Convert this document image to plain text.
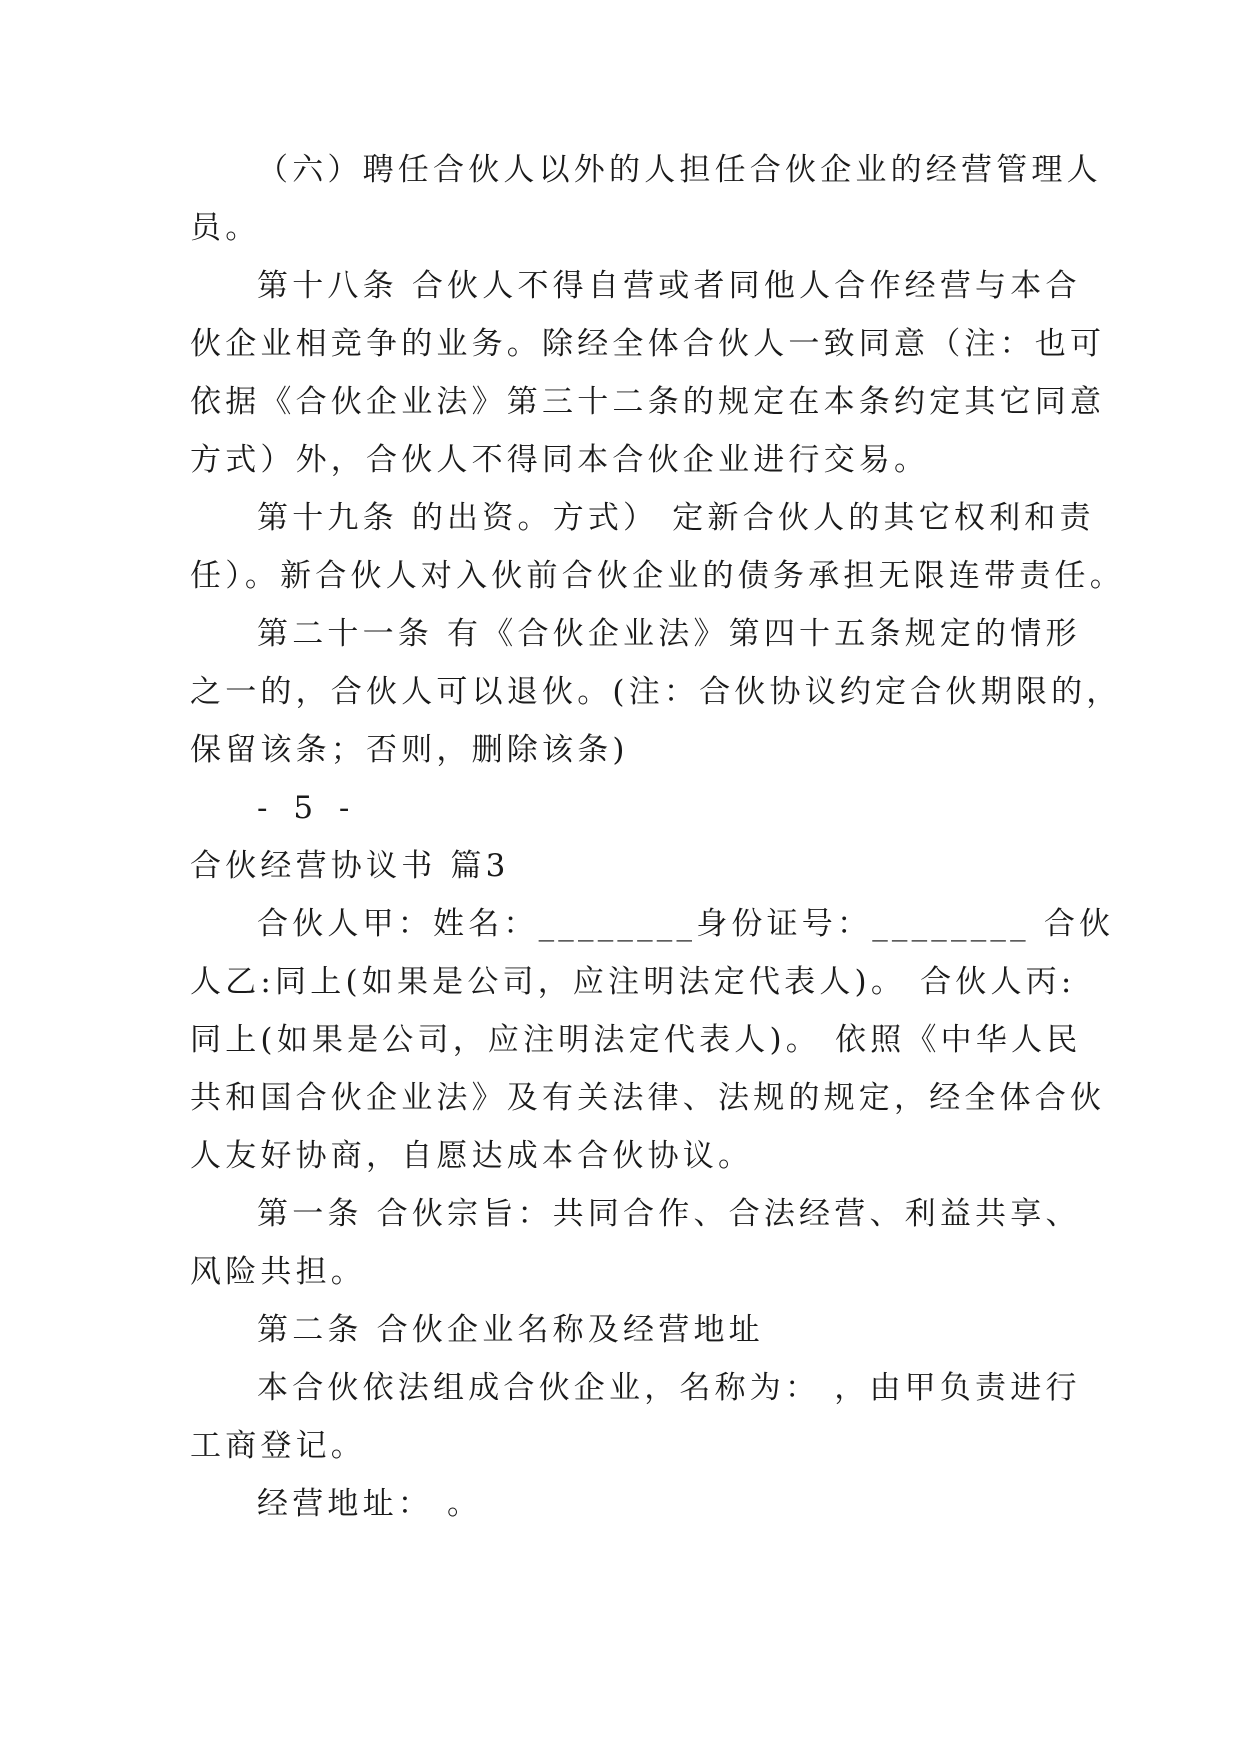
（六）聘任合伙人以外的人担任合伙企业的经营管理人
员。
第十八条 合伙人不得自营或者同他人合作经营与本合
伙企业相竞争的业务。除经全体合伙人一致同意（注：也可
依据《合伙企业法》第三十二条的规定在本条约定其它同意
方式）外，合伙人不得同本合伙企业进行交易。
第十九条 的出资。方式） 定新合伙人的其它权利和责
任）。新合伙人对入伙前合伙企业的债务承担无限连带责任。
第二十一条 有《合伙企业法》第四十五条规定的情形
之一的，合伙人可以退伙。(注：合伙协议约定合伙期限的，
保留该条；否则，删除该条)
- 5 -
合伙经营协议书 篇3
合伙人甲：姓名：________身份证号：________ 合伙
人乙:同上(如果是公司，应注明法定代表人)。 合伙人丙:
同上(如果是公司，应注明法定代表人)。 依照《中华人民
共和国合伙企业法》及有关法律、法规的规定，经全体合伙
人友好协商，自愿达成本合伙协议。
第一条 合伙宗旨：共同合作、合法经营、利益共享、
风险共担。
第二条 合伙企业名称及经营地址
本合伙依法组成合伙企业，名称为： ，由甲负责进行
工商登记。
经营地址： 。
